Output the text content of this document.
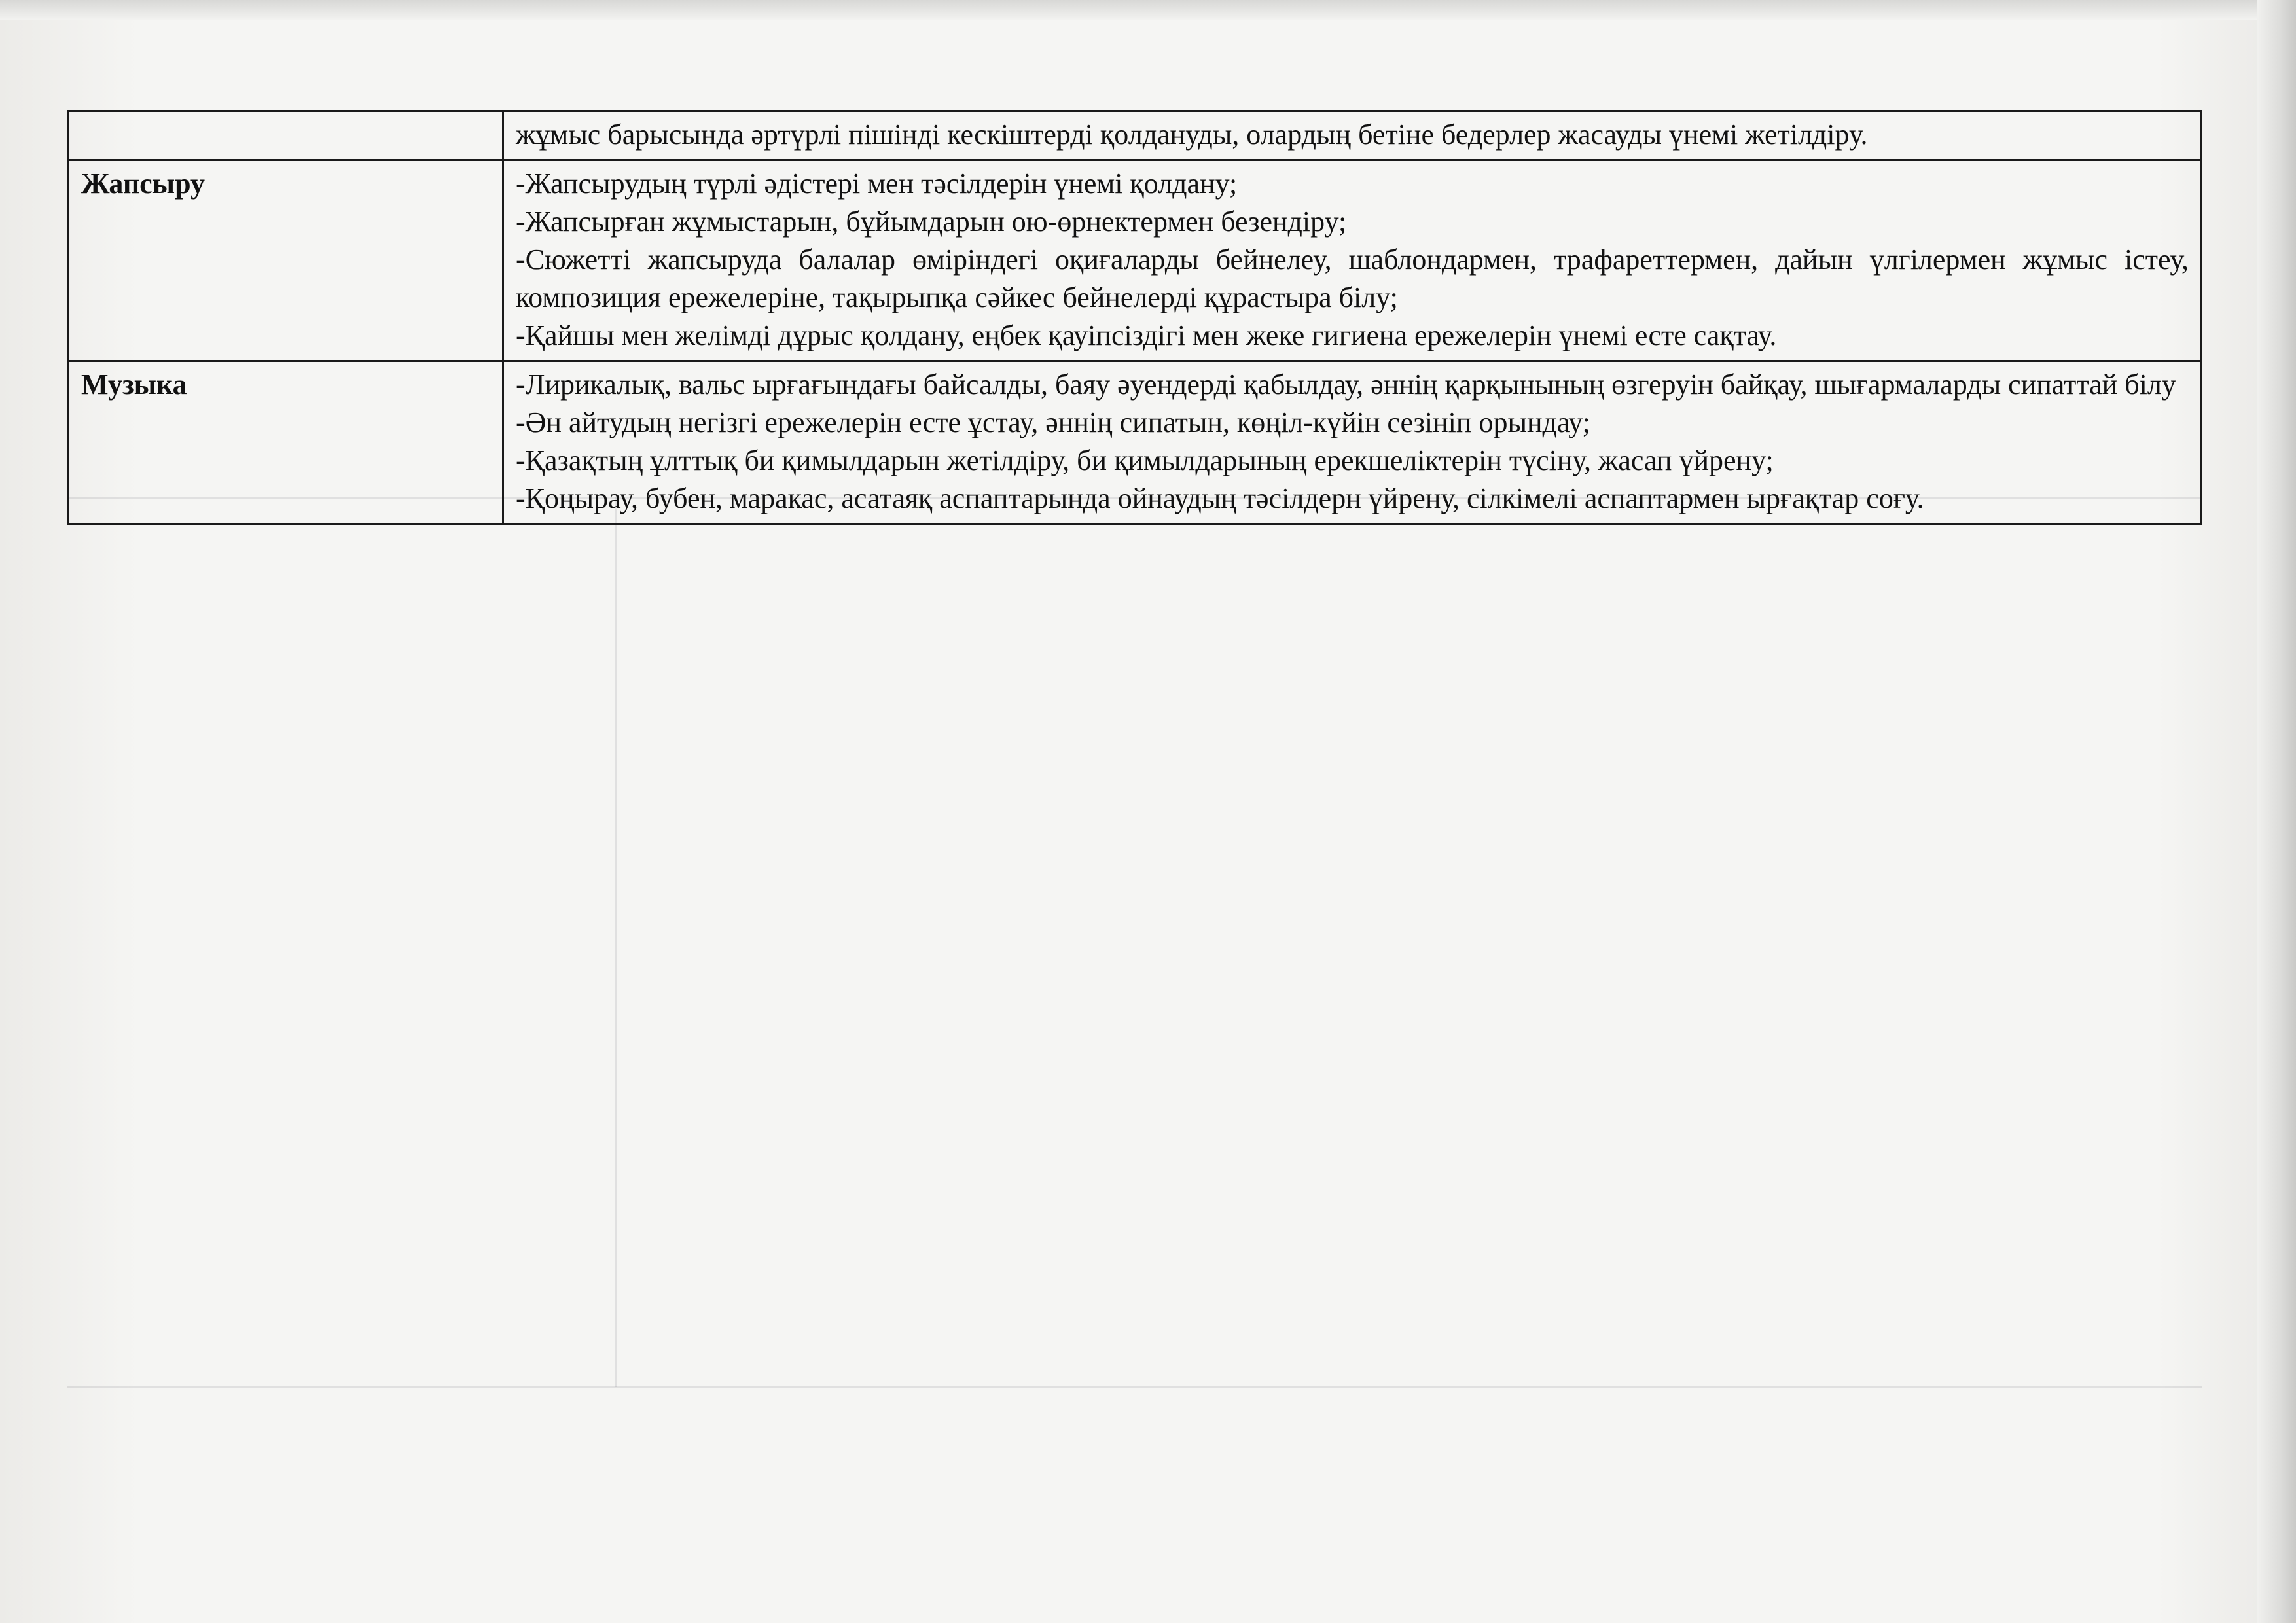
	жұмыс барысында әртүрлі пішінді кескіштерді қолдануды, олардың бетіне бедерлер жасауды үнемі жетілдіру.

Жапсыру	-Жапсырудың түрлі әдістері мен тәсілдерін үнемі қолдану;

-Жапсырған жұмыстарын, бұйымдарын ою-өрнектермен безендіру;

-Сюжетті жапсыруда балалар өміріндегі оқиғаларды бейнелеу, шаблондармен, трафареттермен, дайын үлгілермен жұмыс істеу, композиция ережелеріне, тақырыпқа сәйкес бейнелерді құрастыра білу;

-Қайшы мен желімді дұрыс қолдану, еңбек қауіпсіздігі мен жеке гигиена ережелерін үнемі есте сақтау.

Музыка	-Лирикалық, вальс ырғағындағы байсалды, баяу әуендерді қабылдау, әннің қарқынының өзгеруін байқау, шығармаларды сипаттай білу

-Ән айтудың негізгі ережелерін есте ұстау, әннің сипатын, көңіл-күйін сезініп орындау;

-Қазақтың ұлттық би қимылдарын жетілдіру, би қимылдарының ерекшеліктерін түсіну, жасап үйрену;

-Қоңырау, бубен, маракас, асатаяқ аспаптарында ойнаудың тәсілдерн үйрену, сілкімелі аспаптармен ырғақтар соғу.
